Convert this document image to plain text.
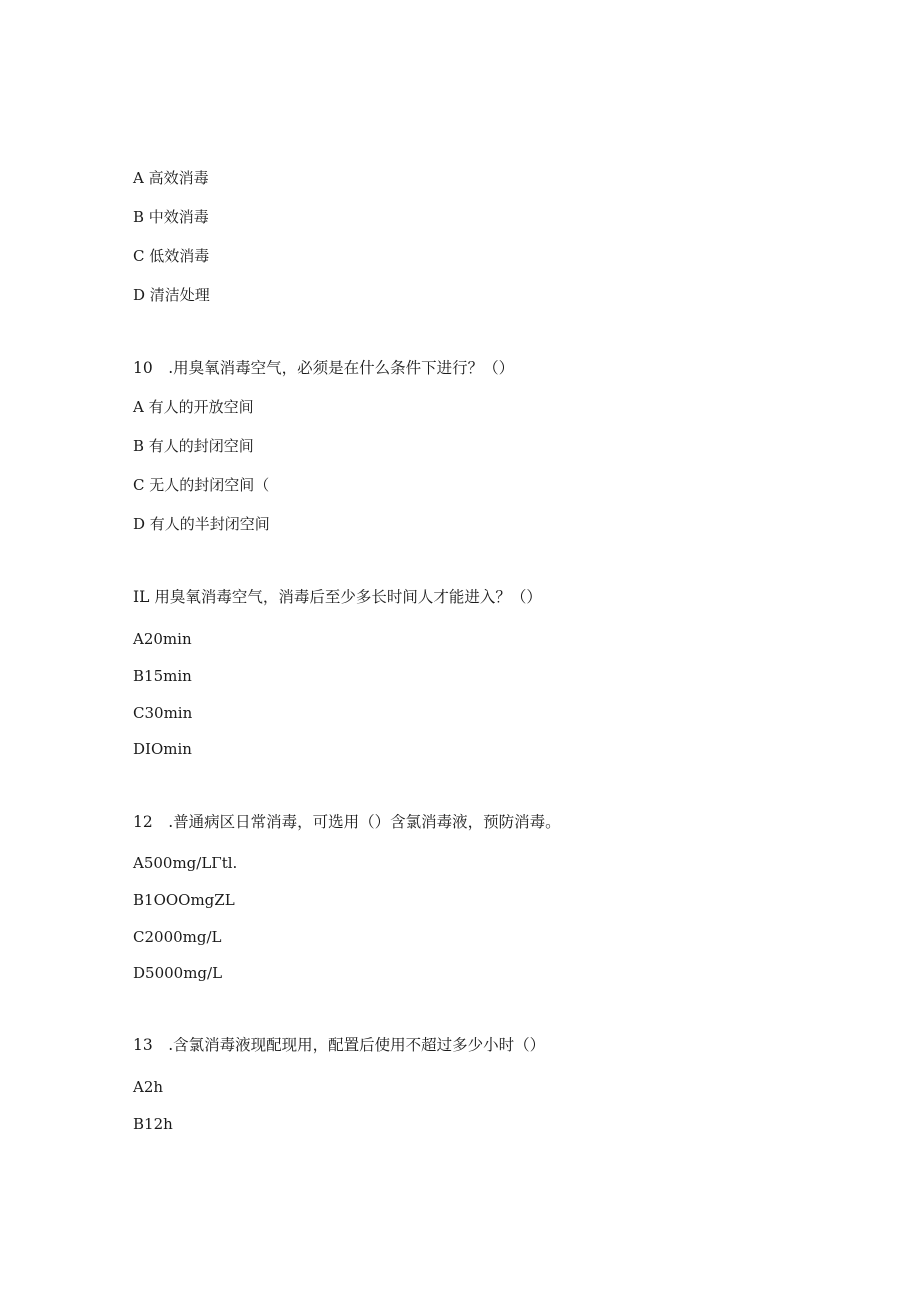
A 高效消毒
B 中效消毒
C 低效消毒
D 清洁处理
10　.用臭氧消毒空气，必须是在什么条件下进行？（）
A 有人的开放空间
B 有人的封闭空间
C 无人的封闭空间（
D 有人的半封闭空间
IL 用臭氧消毒空气，消毒后至少多长时间人才能进入？（）
A20min
B15min
C30min
DIOmin
12　.普通病区日常消毒，可选用（）含氯消毒液，预防消毒。
A500mg∕LΓtl.
B1OOOmgZL
C2000mg∕L
D5000mg∕L
13　.含氯消毒液现配现用，配置后使用不超过多少小时（）
A2h
B12h
